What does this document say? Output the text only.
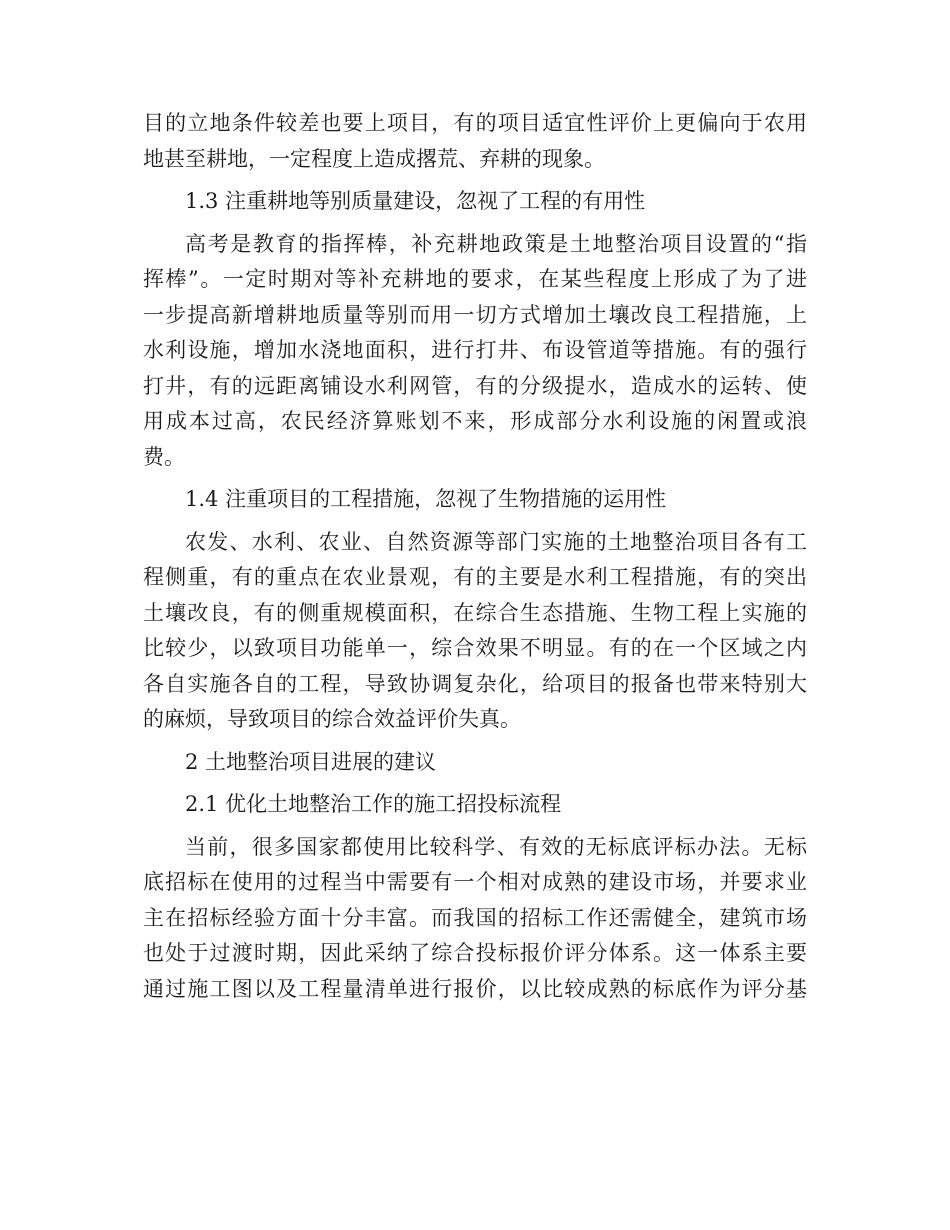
目的立地条件较差也要上项目，有的项目适宜性评价上更偏向于农用
地甚至耕地，一定程度上造成撂荒、弃耕的现象。
1.3 注重耕地等别质量建设，忽视了工程的有用性
高考是教育的指挥棒，补充耕地政策是土地整治项目设置的“指
挥棒”。一定时期对等补充耕地的要求，在某些程度上形成了为了进
一步提高新增耕地质量等别而用一切方式增加土壤改良工程措施，上
水利设施，增加水浇地面积，进行打井、布设管道等措施。有的强行
打井，有的远距离铺设水利网管，有的分级提水，造成水的运转、使
用成本过高，农民经济算账划不来，形成部分水利设施的闲置或浪
费。
1.4 注重项目的工程措施，忽视了生物措施的运用性
农发、水利、农业、自然资源等部门实施的土地整治项目各有工
程侧重，有的重点在农业景观，有的主要是水利工程措施，有的突出
土壤改良，有的侧重规模面积，在综合生态措施、生物工程上实施的
比较少，以致项目功能单一，综合效果不明显。有的在一个区域之内
各自实施各自的工程，导致协调复杂化，给项目的报备也带来特别大
的麻烦，导致项目的综合效益评价失真。
2 土地整治项目进展的建议
2.1 优化土地整治工作的施工招投标流程
当前，很多国家都使用比较科学、有效的无标底评标办法。无标
底招标在使用的过程当中需要有一个相对成熟的建设市场，并要求业
主在招标经验方面十分丰富。而我国的招标工作还需健全，建筑市场
也处于过渡时期，因此采纳了综合投标报价评分体系。这一体系主要
通过施工图以及工程量清单进行报价，以比较成熟的标底作为评分基
